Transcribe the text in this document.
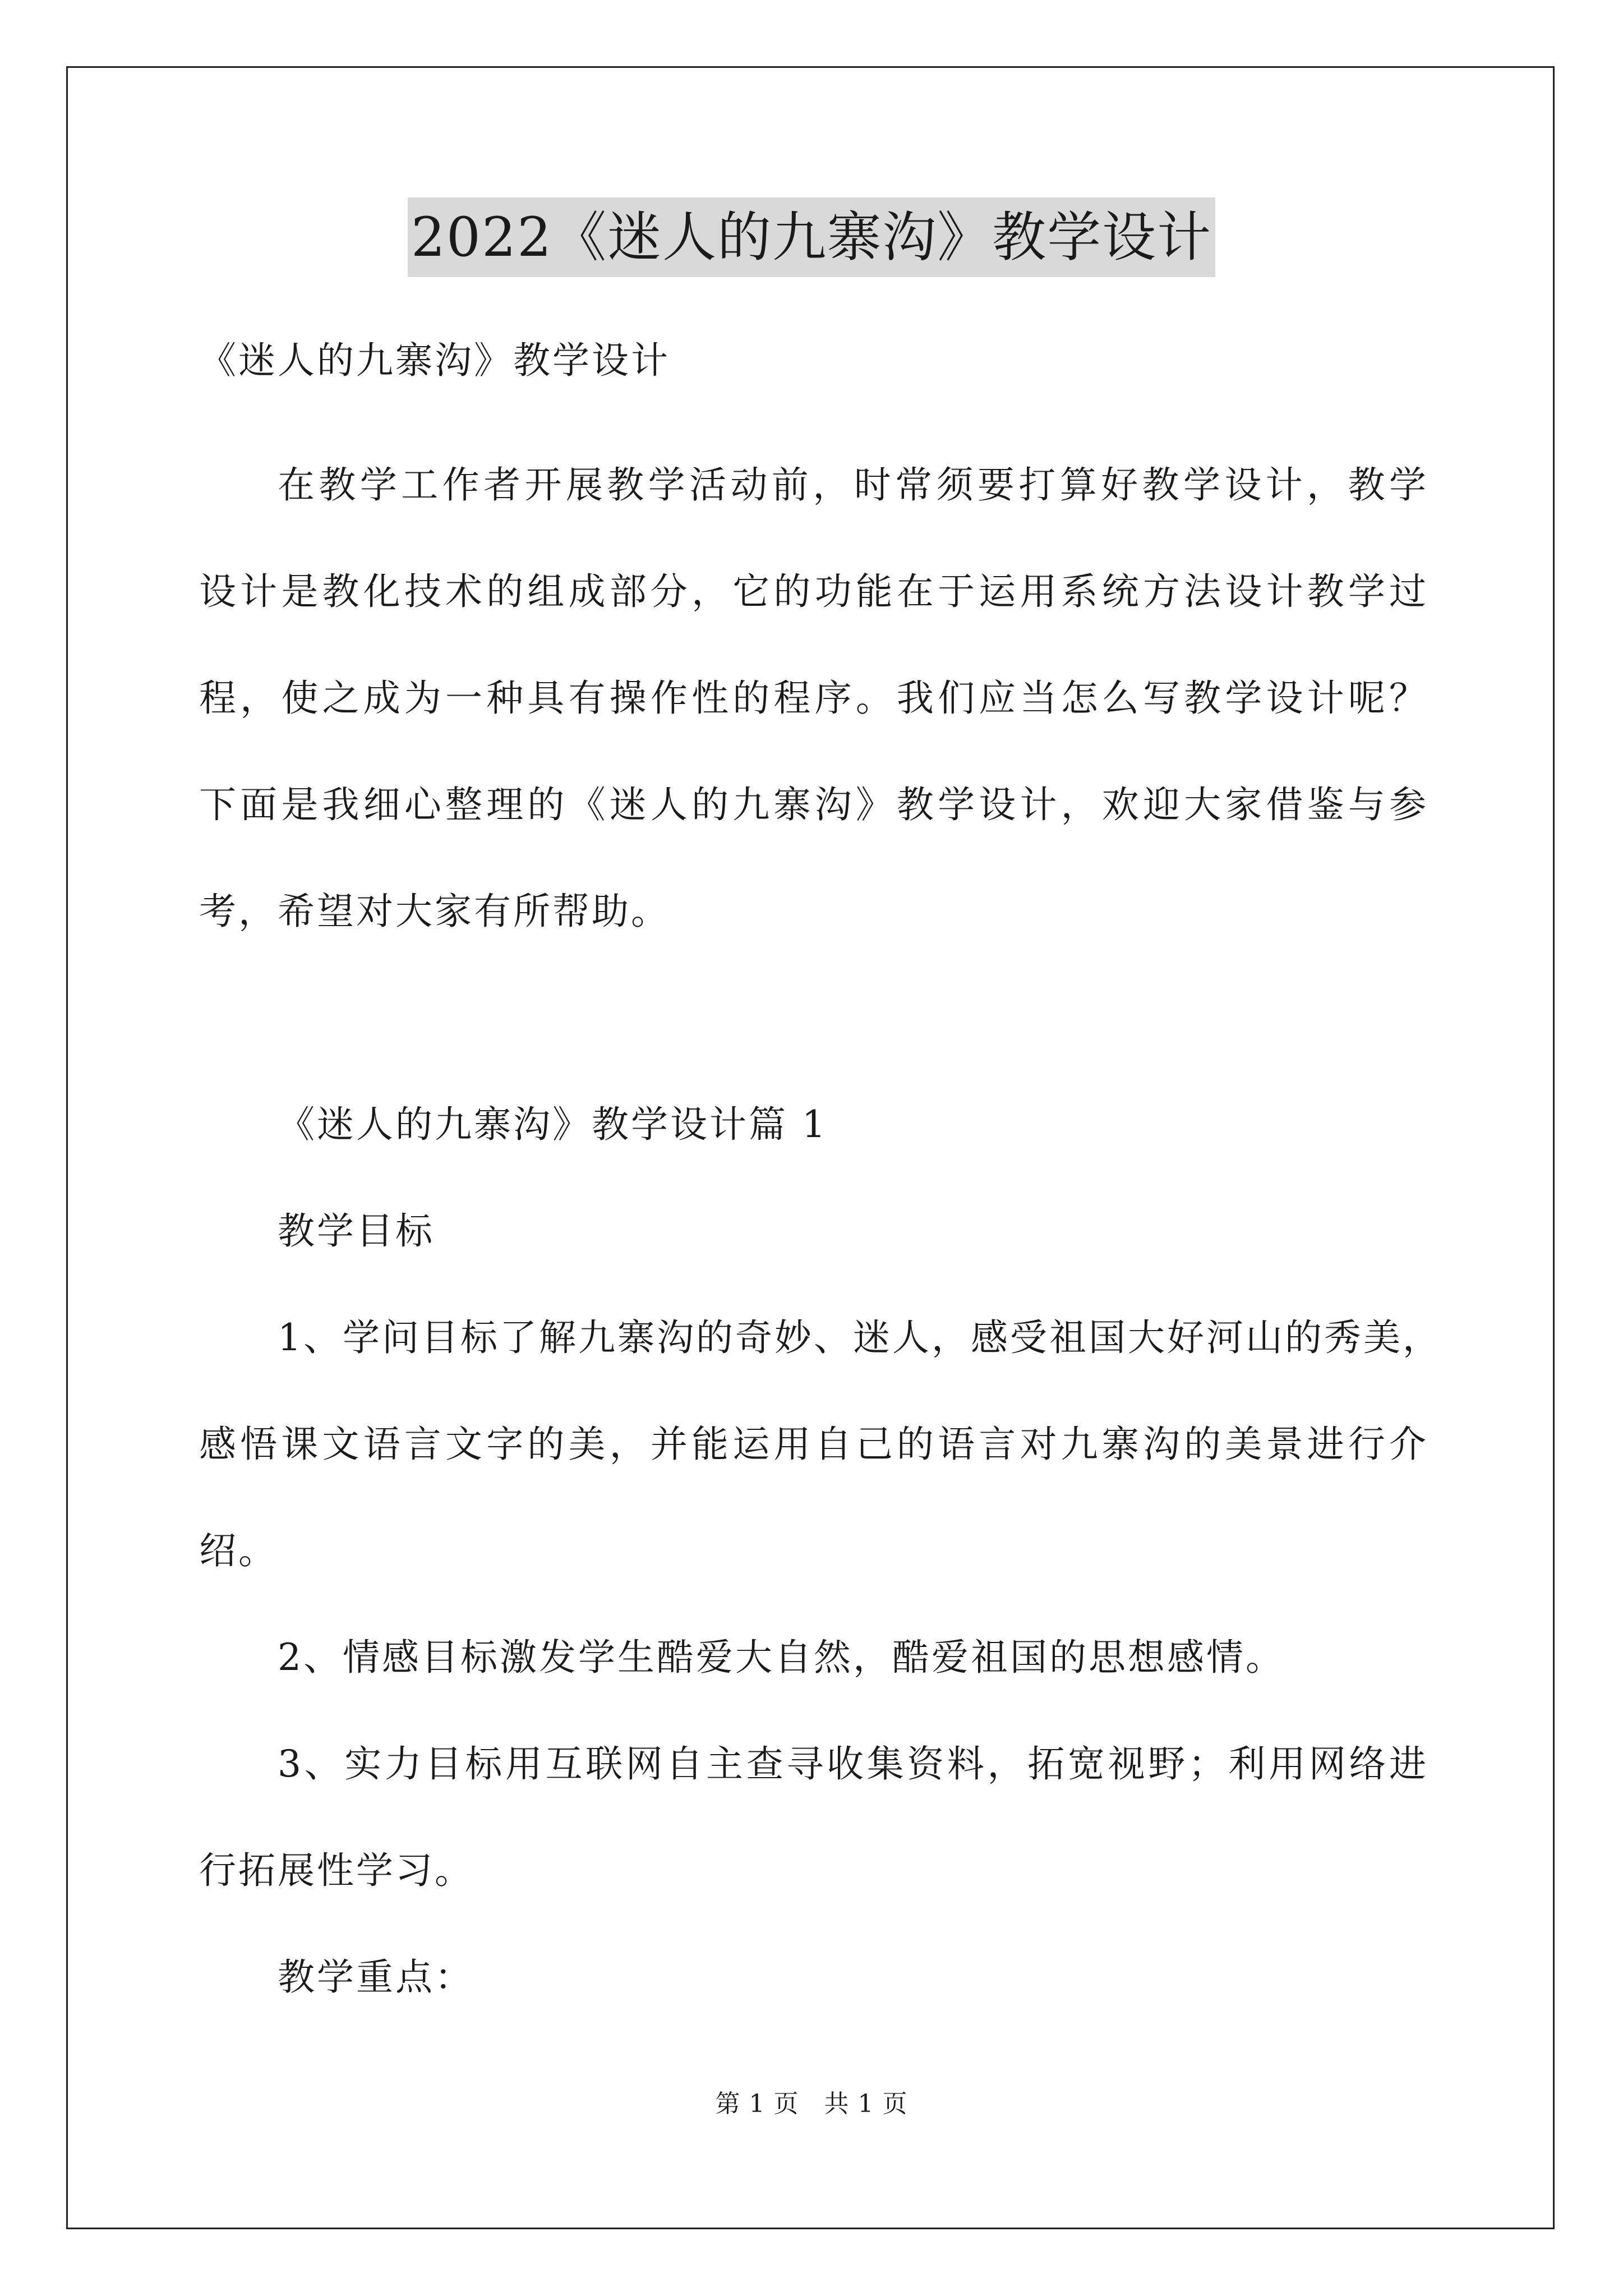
2022《迷人的九寨沟》教学设计
《迷人的九寨沟》教学设计
在教学工作者开展教学活动前，时常须要打算好教学设计，教学
设计是教化技术的组成部分，它的功能在于运用系统方法设计教学过
程，使之成为一种具有操作性的程序。我们应当怎么写教学设计呢？
下面是我细心整理的《迷人的九寨沟》教学设计，欢迎大家借鉴与参
考，希望对大家有所帮助。
《迷人的九寨沟》教学设计篇 1
教学目标
1、学问目标了解九寨沟的奇妙、迷人，感受祖国大好河山的秀美，
感悟课文语言文字的美，并能运用自己的语言对九寨沟的美景进行介
绍。
2、情感目标激发学生酷爱大自然，酷爱祖国的思想感情。
3、实力目标用互联网自主查寻收集资料，拓宽视野；利用网络进
行拓展性学习。
教学重点：
第 1 页　共 1 页
